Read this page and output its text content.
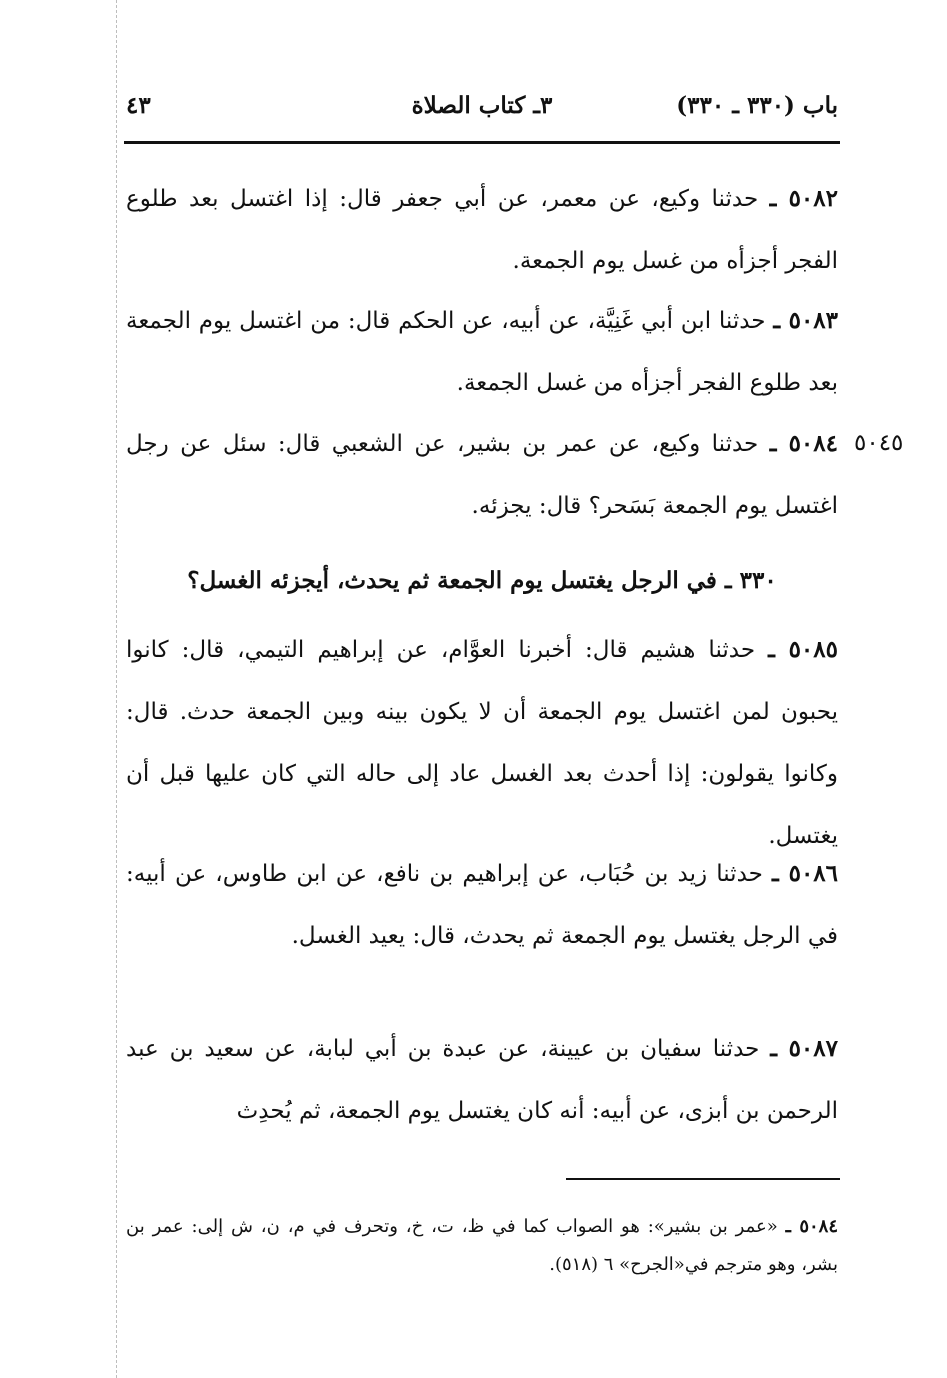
باب (٣٣٠ ـ ٣٣٠)
٣ـ كتاب الصلاة
٤٣

٥٠٨٢ ـ حدثنا وكيع، عن معمر، عن أبي جعفر قال: إذا اغتسل بعد طلوع الفجر أجزأه من غسل يوم الجمعة.

٥٠٨٣ ـ حدثنا ابن أبي غَنِيَّة، عن أبيه، عن الحكم قال: من اغتسل يوم الجمعة بعد طلوع الفجر أجزأه من غسل الجمعة.

٥٠٤٥

٥٠٨٤ ـ حدثنا وكيع، عن عمر بن بشير، عن الشعبي قال: سئل عن رجل اغتسل يوم الجمعة بَسَحر؟ قال: يجزئه.

٣٣٠ ـ في الرجل يغتسل يوم الجمعة ثم يحدث، أيجزئه الغسل؟

٥٠٨٥ ـ حدثنا هشيم قال: أخبرنا العوَّام، عن إبراهيم التيمي، قال: كانوا يحبون لمن اغتسل يوم الجمعة أن لا يكون بينه وبين الجمعة حدث. قال: وكانوا يقولون: إذا أحدث بعد الغسل عاد إلى حاله التي كان عليها قبل أن يغتسل.

٥٠٨٦ ـ حدثنا زيد بن حُبَاب، عن إبراهيم بن نافع، عن ابن طاوس، عن أبيه: في الرجل يغتسل يوم الجمعة ثم يحدث، قال: يعيد الغسل.

٥٠٨٧ ـ حدثنا سفيان بن عيينة، عن عبدة بن أبي لبابة، عن سعيد بن عبد الرحمن بن أبزى، عن أبيه: أنه كان يغتسل يوم الجمعة، ثم يُحدِث

٥٠٨٤ ـ «عمر بن بشير»: هو الصواب كما في ظ، ت، خ، وتحرف في م، ن، ش إلى: عمر بن بشر، وهو مترجم في«الجرح» ٦ (٥١٨).
